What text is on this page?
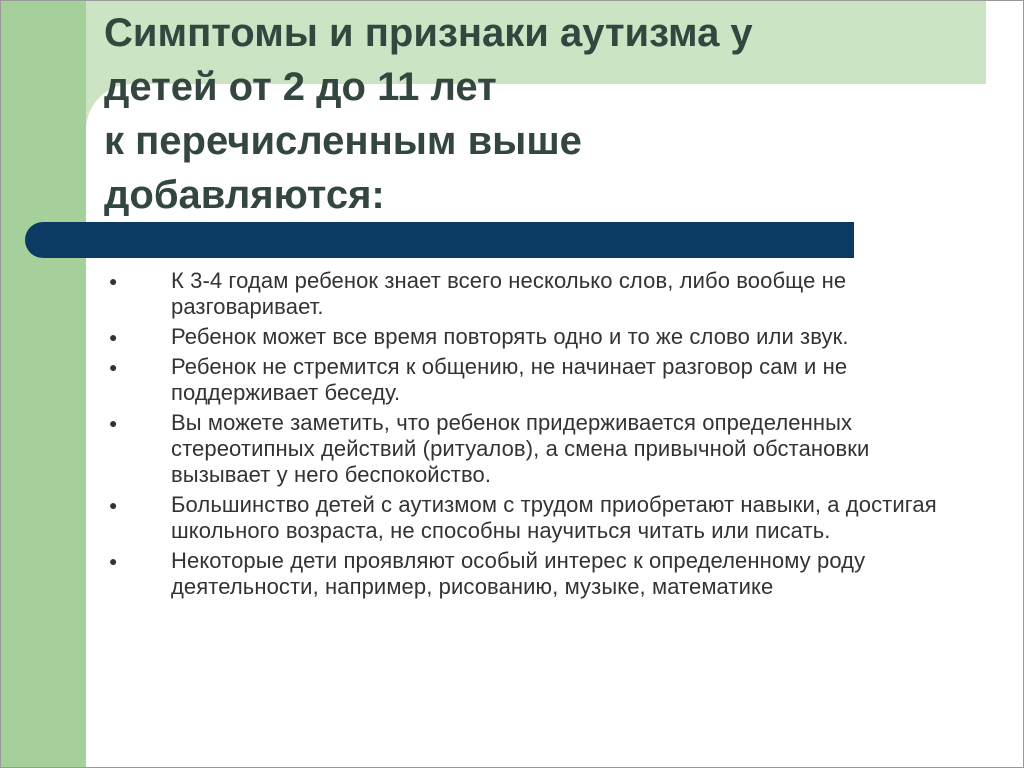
Симптомы и признаки аутизма у
детей от 2 до 11 лет
к перечисленным выше
добавляются:
●	К 3-4 годам ребенок знает всего несколько слов, либо вообще не разговаривает.
●	Ребенок может все время повторять одно и то же слово или звук.
●	Ребенок не стремится к общению, не начинает разговор сам и не поддерживает беседу.
●	Вы можете заметить, что ребенок придерживается определенных стереотипных действий (ритуалов), а смена привычной обстановки вызывает у него беспокойство.
●	Большинство детей с аутизмом с трудом приобретают навыки, а достигая школьного возраста, не способны научиться читать или писать.
●	Некоторые дети проявляют особый интерес к определенному роду деятельности, например, рисованию, музыке, математике
